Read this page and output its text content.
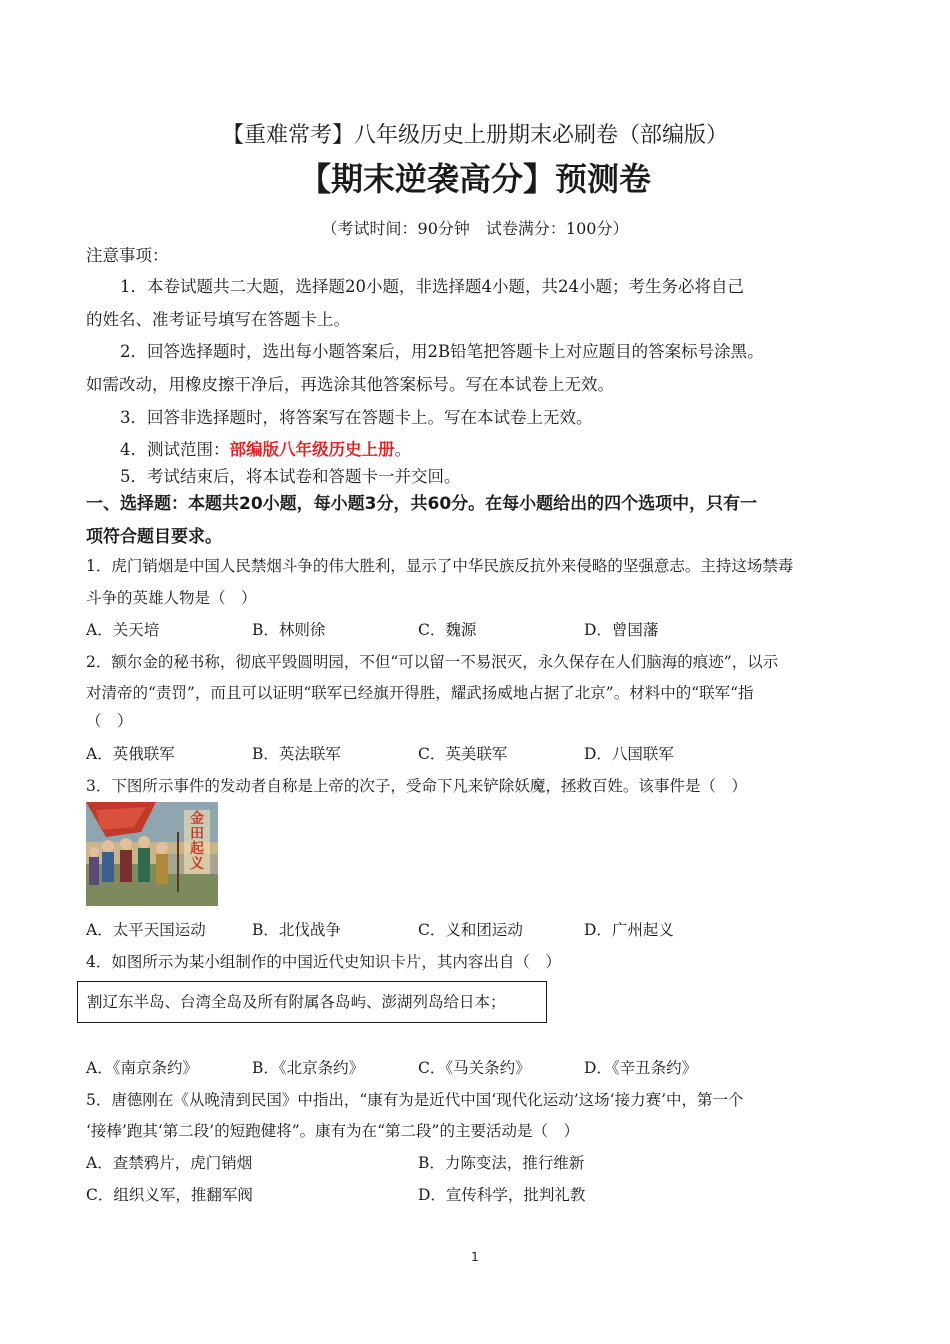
【重难常考】八年级历史上册期末必刷卷（部编版）
【期末逆袭高分】预测卷
（考试时间：90分钟　试卷满分：100分）
注意事项：
1．本卷试题共二大题，选择题20小题，非选择题4小题，共24小题；考生务必将自己
的姓名、准考证号填写在答题卡上。
2．回答选择题时，选出每小题答案后，用2B铅笔把答题卡上对应题目的答案标号涂黑。
如需改动，用橡皮擦干净后，再选涂其他答案标号。写在本试卷上无效。
3．回答非选择题时，将答案写在答题卡上。写在本试卷上无效。
4．测试范围：部编版八年级历史上册。
5．考试结束后，将本试卷和答题卡一并交回。
一、选择题：本题共20小题，每小题3分，共60分。在每小题给出的四个选项中，只有一
项符合题目要求。
1．虎门销烟是中国人民禁烟斗争的伟大胜利，显示了中华民族反抗外来侵略的坚强意志。主持这场禁毒
斗争的英雄人物是（　）
A．关天培	B．林则徐	C．魏源	D．曾国藩
2．额尔金的秘书称，彻底平毁圆明园，不但“可以留一不易泯灭，永久保存在人们脑海的痕迹”，以示
对清帝的“责罚”，而且可以证明“联军已经旗开得胜，耀武扬威地占据了北京”。材料中的“联军“指
（　）
A．英俄联军	B．英法联军	C．英美联军	D．八国联军
3．下图所示事件的发动者自称是上帝的次子，受命下凡来铲除妖魔，拯救百姓。该事件是（　）
金田起义
A．太平天国运动	B．北伐战争	C．义和团运动	D．广州起义
4．如图所示为某小组制作的中国近代史知识卡片，其内容出自（　）
割辽东半岛、台湾全岛及所有附属各岛屿、澎湖列岛给日本；
A．《南京条约》	B．《北京条约》	C．《马关条约》	D．《辛丑条约》
5．唐德刚在《从晚清到民国》中指出，“康有为是近代中国‘现代化运动’这场‘接力赛’中，第一个
‘接棒’跑其‘第二段’的短跑健将”。康有为在“第二段”的主要活动是（　）
A．查禁鸦片，虎门销烟	B．力陈变法，推行维新
C．组织义军，推翻军阀	D．宣传科学，批判礼教
1
